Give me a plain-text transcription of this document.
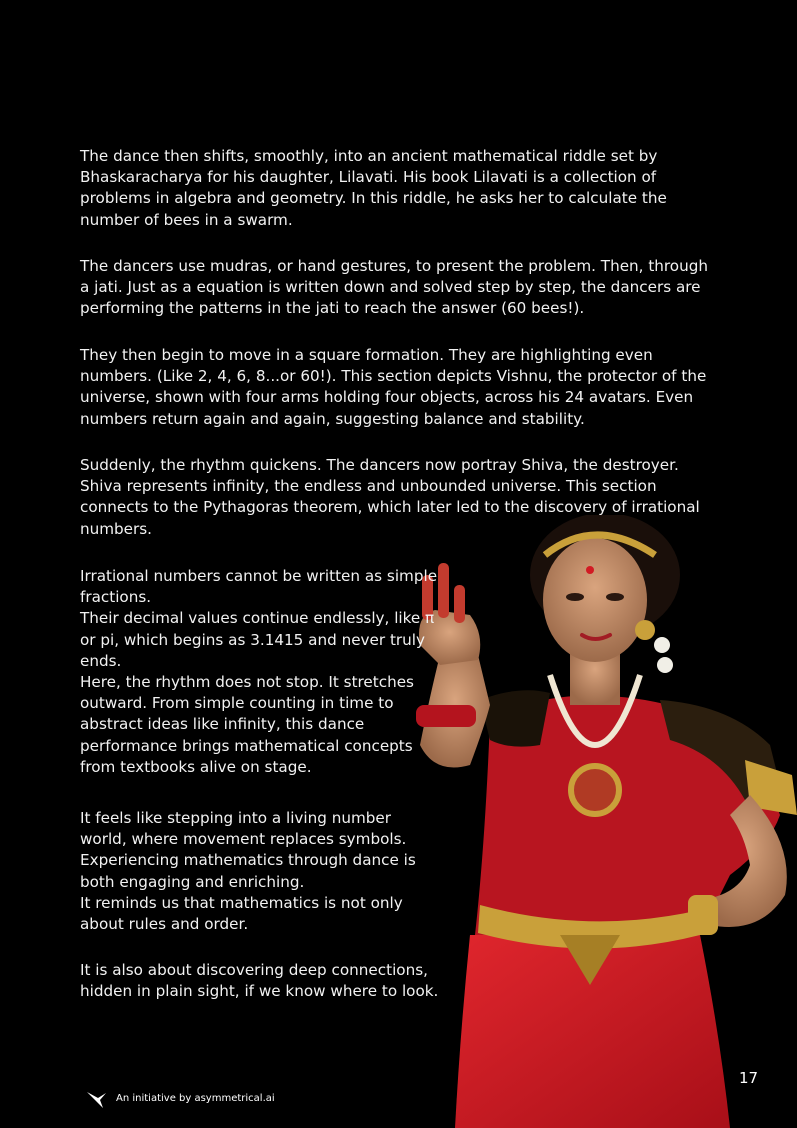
The dance then shifts, smoothly, into an ancient mathematical riddle set by Bhaskaracharya for his daughter, Lilavati. His book Lilavati is a collection of problems in algebra and geometry. In this riddle, he asks her to calculate the number of bees in a swarm.

The dancers use mudras, or hand gestures, to present the problem. Then, through a jati. Just as a equation is written down and solved step by step, the dancers are performing the patterns in the jati to reach the answer (60 bees!).

They then begin to move in a square formation. They are highlighting even numbers. (Like 2, 4, 6, 8...or 60!). This section depicts Vishnu, the protector of the universe, shown with four arms holding four objects, across his 24 avatars. Even numbers return again and again, suggesting balance and stability.

Suddenly, the rhythm quickens. The dancers now portray Shiva, the destroyer. Shiva represents infinity, the endless and unbounded universe. This section connects to the Pythagoras theorem, which later led to the discovery of irrational numbers.

Irrational numbers cannot be written as simple fractions.
Their decimal values continue endlessly, like π or pi, which begins as 3.1415 and never truly ends.
Here, the rhythm does not stop. It stretches outward. From simple counting in time to abstract ideas like infinity, this dance performance brings mathematical concepts from textbooks alive on stage.

It feels like stepping into a living number world, where movement replaces symbols. Experiencing mathematics through dance is both engaging and enriching.
It reminds us that mathematics is not only about rules and order.

It is also about discovering deep connections, hidden in plain sight, if we know where to look.

17

An initiative by asymmetrical.ai
